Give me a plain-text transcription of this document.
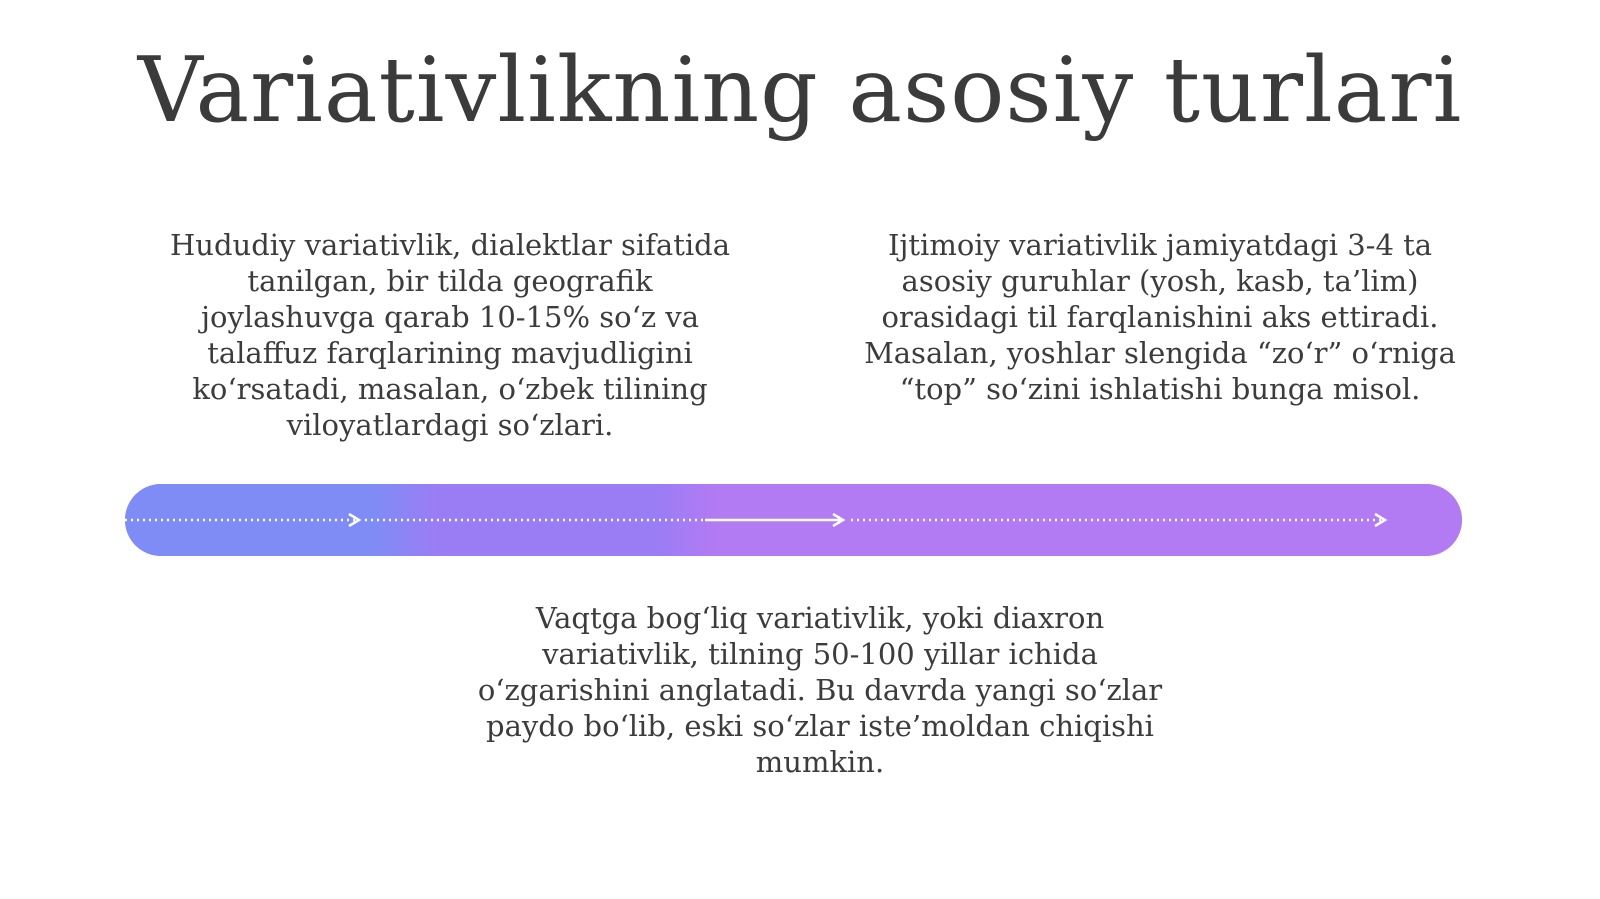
Variativlikning asosiy turlari
Hududiy variativlik, dialektlar sifatida tanilgan, bir tilda geografik joylashuvga qarab 10-15% so‘z va talaffuz farqlarining mavjudligini ko‘rsatadi, masalan, o‘zbek tilining viloyatlardagi so‘zlari.
Ijtimoiy variativlik jamiyatdagi 3-4 ta asosiy guruhlar (yosh, kasb, ta’lim) orasidagi til farqlanishini aks ettiradi. Masalan, yoshlar slengida “zo‘r” o‘rniga “top” so‘zini ishlatishi bunga misol.
Vaqtga bog‘liq variativlik, yoki diaxron variativlik, tilning 50-100 yillar ichida o‘zgarishini anglatadi. Bu davrda yangi so‘zlar paydo bo‘lib, eski so‘zlar iste’moldan chiqishi mumkin.
